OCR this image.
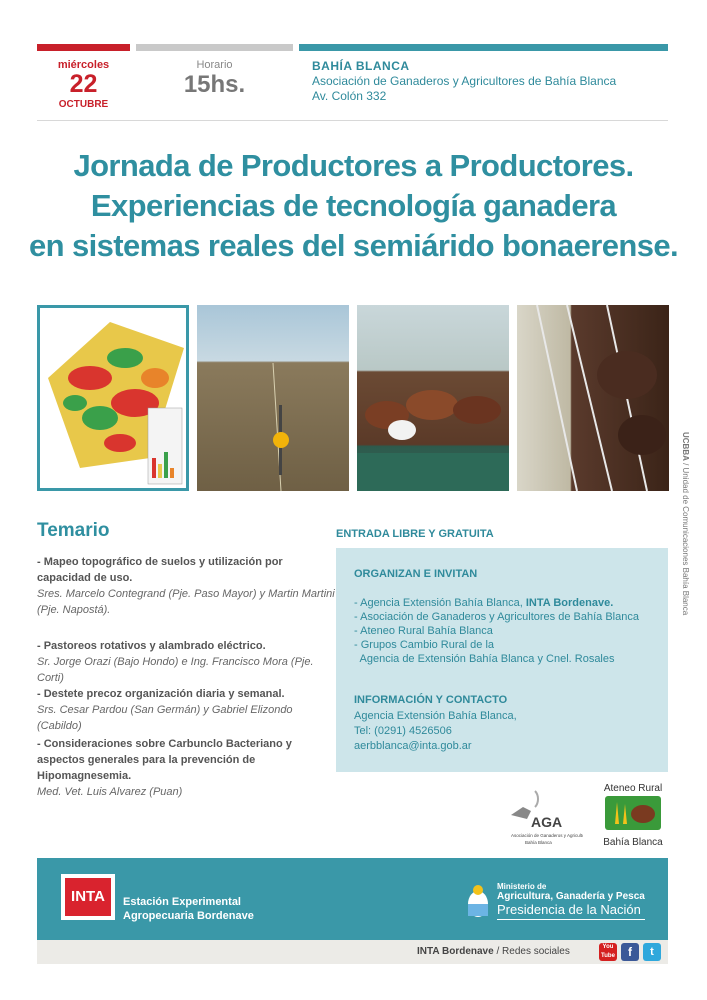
miércoles
22
OCTUBRE
Horario
15hs.
BAHÍA BLANCA
Asociación de Ganaderos y Agricultores de Bahía Blanca
Av. Colón 332
Jornada de Productores a Productores.
Experiencias de tecnología ganadera
en sistemas reales del semiárido bonaerense.
UCBBA / Unidad de Comunicaciones Bahía Blanca
Temario
- Mapeo topográfico de suelos y utilización por capacidad de uso.
Sres. Marcelo Contegrand (Pje. Paso Mayor) y Martin Martini (Pje. Napostá).
- Pastoreos rotativos y alambrado eléctrico.
Sr. Jorge Orazi (Bajo Hondo) e Ing. Francisco Mora (Pje. Corti)
- Destete precoz organización diaria y semanal.
Srs. Cesar Pardou (San Germán) y Gabriel Elizondo (Cabildo)
- Consideraciones sobre Carbunclo Bacteriano y aspectos generales para la prevención de Hipomagnesemia.
Med. Vet. Luis Alvarez (Puan)
ENTRADA LIBRE Y GRATUITA
ORGANIZAN E INVITAN
- Agencia Extensión Bahía Blanca, INTA Bordenave.
- Asociación de Ganaderos y Agricultores de Bahía Blanca
- Ateneo Rural Bahía Blanca
- Grupos Cambio Rural de la
Agencia de Extensión Bahía Blanca y Cnel. Rosales
INFORMACIÓN Y CONTACTO
Agencia Extensión Bahía Blanca,
Tel: (0291) 4526506
aerbblanca@inta.gob.ar
AGA
Asociación de Ganaderos y Agricultores
Bahía Blanca
Ateneo Rural
Bahía Blanca
INTA	Estación Experimental
Agropecuaria Bordenave
Ministerio de
Agricultura, Ganadería y Pesca
Presidencia de la Nación
INTA Bordenave / Redes sociales	You Tube	f	t
